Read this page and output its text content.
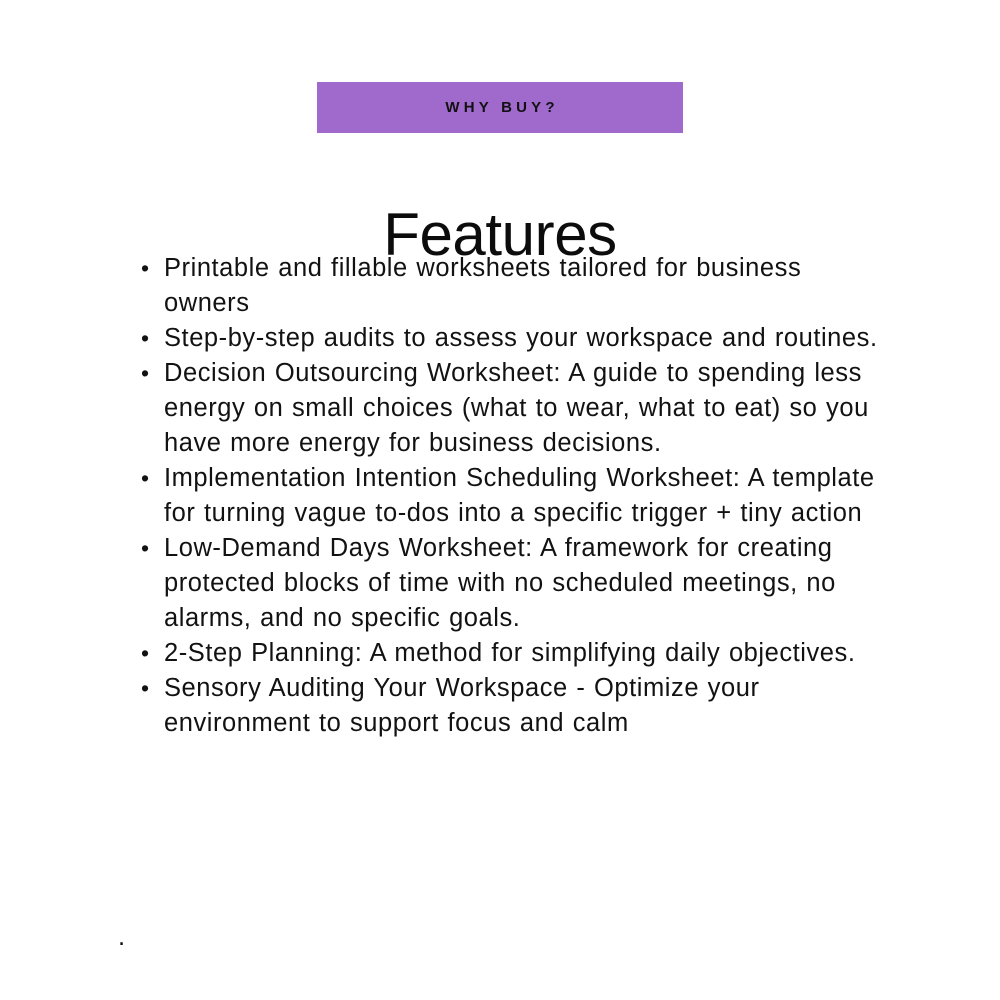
WHY BUY?
Features
• Printable and fillable worksheets tailored for business owners
• Step-by-step audits to assess your workspace and routines.
• Decision Outsourcing Worksheet: A guide to spending less energy on small choices (what to wear, what to eat) so you have more energy for business decisions.
• Implementation Intention Scheduling Worksheet: A template for turning vague to-dos into a specific trigger + tiny action
• Low-Demand Days Worksheet: A framework for creating protected blocks of time with no scheduled meetings, no alarms, and no specific goals.
• 2-Step Planning: A method for simplifying daily objectives.
• Sensory Auditing Your Workspace - Optimize your environment to support focus and calm
.
